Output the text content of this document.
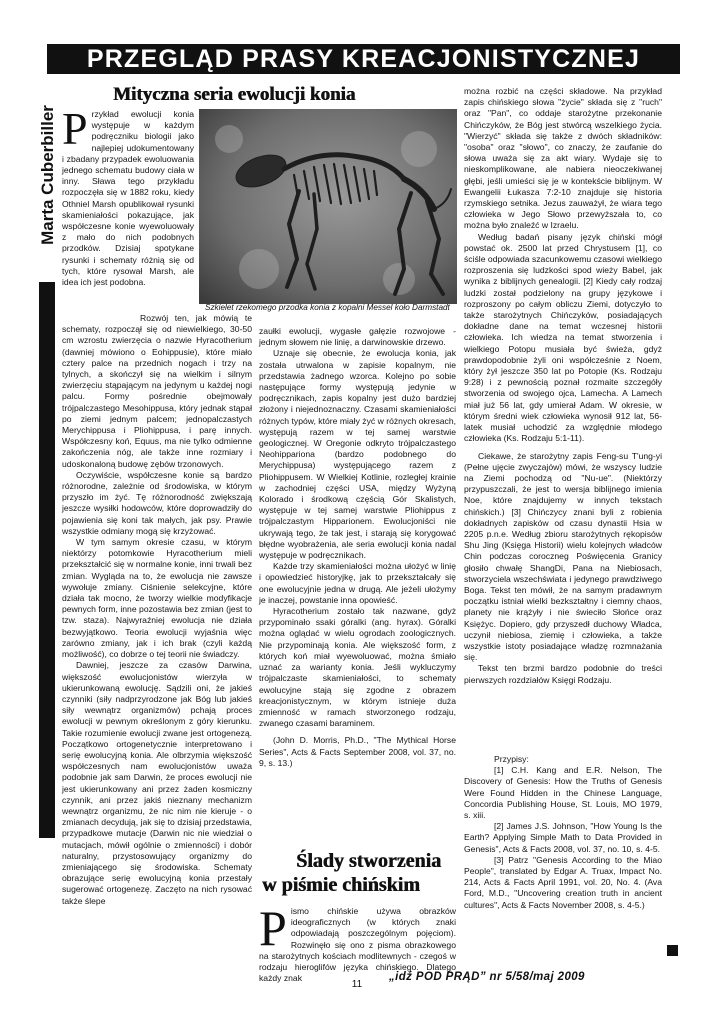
PRZEGLĄD PRASY KREACJONISTYCZNEJ
Marta Cuberbiller
Mityczna seria ewolucji konia
Szkielet rzekomego przodka konia z kopalni Messel koło Darmstadt

Przykład ewolucji konia występuje w każdym podręczniku biologii jako najlepiej udokumentowany i zbadany przypadek ewoluowania jednego schematu budowy ciała w inny. Sława tego przykładu rozpoczęła się w 1882 roku, kiedy Othniel Marsh opublikował rysunki skamieniałości pokazujące, jak współczesne konie wyewoluowały z mało do nich podobnych przodków. Dzisiaj spotykane rysunki i schematy różnią się od tych, które rysował Marsh, ale idea ich jest podobna.

Rozwój ten, jak mówią te schematy, rozpoczął się od niewielkiego, 30-50 cm wzrostu zwierzęcia o nazwie Hyracotherium (dawniej mówiono o Eohippusie), które miało cztery palce na przednich nogach i trzy na tylnych, a skończył się na wielkim i silnym zwierzęciu stąpającym na jedynym u każdej nogi palcu. Formy pośrednie obejmowały trójpalczastego Mesohippusa, który jednak stąpał po ziemi jednym palcem; jednopalczastych Merychippusa i Pliohippusa, i parę innych. Współczesny koń, Equus, ma nie tylko odmienne zakończenia nóg, ale także inne rozmiary i udoskonaloną budowę zębów trzonowych.

Oczywiście, współczesne konie są bardzo różnorodne, zależnie od środowiska, w którym przyszło im żyć. Tę różnorodność zwiększają jeszcze wysiłki hodowców, które doprowadziły do pojawienia się koni tak małych, jak psy. Prawie wszystkie odmiany mogą się krzyżować.

W tym samym okresie czasu, w którym niektórzy potomkowie Hyracotherium mieli przekształcić się w normalne konie, inni trwali bez zmian. Wygląda na to, że ewolucja nie zawsze wywołuje zmiany. Ciśnienie selekcyjne, które działa tak mocno, że tworzy wielkie modyfikacje pewnych form, inne pozostawia bez zmian (jest to tzw. staza). Najwyraźniej ewolucja nie działa bezwyjątkowo. Teoria ewolucji wyjaśnia więc zarówno zmiany, jak i ich brak (czyli każdą możliwość), co dobrze o tej teorii nie świadczy.

Dawniej, jeszcze za czasów Darwina, większość ewolucjonistów wierzyła w ukierunkowaną ewolucję. Sądzili oni, że jakieś czynniki (siły nadprzyrodzone jak Bóg lub jakieś siły wewnątrz organizmów) pchają proces ewolucji w pewnym określonym z góry kierunku. Takie rozumienie ewolucji zwane jest ortogenezą. Początkowo ortogenetycznie interpretowano i serię ewolucyjną konia. Ale olbrzymia większość współczesnych nam ewolucjonistów uważa podobnie jak sam Darwin, że proces ewolucji nie jest ukierunkowany ani przez żaden kosmiczny czynnik, ani przez jakiś nieznany mechanizm wewnątrz organizmu, że nic nim nie kieruje - o zmianach decydują, jak się to dzisiaj przedstawia, przypadkowe mutacje (Darwin nic nie wiedział o mutacjach, mówił ogólnie o zmienności) i dobór naturalny, przystosowujący organizmy do zmieniającego się środowiska. Schematy obrazujące serię ewolucyjną konia przestały sugerować ortogenezę. Zaczęto na nich rysować także ślepe

zaułki ewolucji, wygasłe gałęzie rozwojowe - jednym słowem nie linię, a darwinowskie drzewo.

Uznaje się obecnie, że ewolucja konia, jak została utrwalona w zapisie kopalnym, nie przedstawia żadnego wzorca. Kolejno po sobie następujące formy występują jedynie w podręcznikach, zapis kopalny jest dużo bardziej złożony i niejednoznaczny. Czasami skamieniałości różnych typów, które miały żyć w różnych okresach, występują razem w tej samej warstwie geologicznej. W Oregonie odkryto trójpalczastego Neohipparionа (bardzo podobnego do Merychippusa) występującego razem z Pliohippusem. W Wielkiej Kotlinie, rozległej krainie w zachodniej części USA, między Wyżyną Kolorado i środkową częścią Gór Skalistych, występuje w tej samej warstwie Pliohippus z trójpalczastym Hipparionem. Ewolucjoniści nie ukrywają tego, że tak jest, i starają się korygować błędne wyobrażenia, ale seria ewolucji konia nadal występuje w podręcznikach.

Każde trzy skamieniałości można ułożyć w linię i opowiedzieć historyjkę, jak to przekształcały się one ewolucyjnie jedna w drugą. Ale jeżeli ułożymy je inaczej, powstanie inna opowieść.

Hyracotherium zostało tak nazwane, gdyż przypominało ssaki góralki (ang. hyrax). Góralki można oglądać w wielu ogrodach zoologicznych. Nie przypominają konia. Ale większość form, z których koń miał wyewoluować, można śmiało uznać za warianty konia. Jeśli wykluczymy trójpalczaste skamieniałości, to schematy ewolucyjne stają się zgodne z obrazem kreacjonistycznym, w którym istnieje duża zmienność w ramach stworzonego rodzaju, zwanego czasami baraminem.

(John D. Morris, Ph.D., "The Mythical Horse Series", Acts & Facts September 2008, vol. 37, no. 9, s. 13.)

Ślady stworzenia
w piśmie chińskim

Pismo chińskie używa obrazków ideograficznych (w których znaki odpowiadają poszczególnym pojęciom). Rozwinęło się ono z pisma obrazkowego na starożytnych kościach modlitewnych - czegoś w rodzaju hieroglifów języka chińskiego. Dlatego każdy znak

można rozbić na części składowe. Na przykład zapis chińskiego słowa "życie" składa się z "ruch" oraz "Pan", co oddaje starożytne przekonanie Chińczyków, że Bóg jest stwórcą wszelkiego życia. "Wierzyć" składa się także z dwóch składników: "osoba" oraz "słowo", co znaczy, że zaufanie do słowa uważa się za akt wiary. Wydaje się to nieskomplikowane, ale nabiera nieoczekiwanej głębi, jeśli umieści się je w kontekście biblijnym. W Ewangelii Łukasza 7:2-10 znajduje się historia rzymskiego setnika. Jezus zauważył, że wiara tego człowieka w Jego Słowo przewyższała to, co można było znaleźć w Izraelu.

Według badań pisany język chiński mógł powstać ok. 2500 lat przed Chrystusem [1], co ściśle odpowiada szacunkowemu czasowi wielkiego rozproszenia się ludzkości spod wieży Babel, jak wynika z biblijnych genealogii. [2] Kiedy cały rodzaj ludzki został podzielony na grupy językowe i rozproszony po całym obliczu Ziemi, dotyczyło to także starożytnych Chińczyków, posiadających dokładne dane na temat wczesnej historii człowieka. Ich wiedza na temat stworzenia i wielkiego Potopu musiała być świeża, gdyż prawdopodobnie żyli oni współcześnie z Noem, który żył jeszcze 350 lat po Potopie (Ks. Rodzaju 9:28) i z pewnością poznał rozmaite szczegóły stworzenia od swojego ojca, Lamecha. A Lamech miał już 56 lat, gdy umierał Adam. W okresie, w którym średni wiek człowieka wynosił 912 lat, 56-latek musiał uchodzić za względnie młodego człowieka (Ks. Rodzaju 5:1-11).

Ciekawe, że starożytny zapis Feng-su T'ung-yi (Pełne ujęcie zwyczajów) mówi, że wszyscy ludzie na Ziemi pochodzą od "Nu-ue". (Niektórzy przypuszczali, że jest to wersja biblijnego imienia Noe, które znajdujemy w innych tekstach chińskich.) [3] Chińczycy znani byli z robienia dokładnych zapisków od czasu dynastii Hsia w 2205 p.n.e. Według zbioru starożytnych rękopisów Shu Jing (Księga Historii) wielu kolejnych władców Chin podczas coroczneg Poświęcenia Granicy głosiło chwałę ShangDi, Pana na Niebiosach, stworzyciela wszechświata i jedynego prawdziwego Boga. Tekst ten mówił, że na samym pradawnym początku istniał wielki bezkształtny i ciemny chaos, planety nie krążyły i nie świeciło Słońce oraz Księżyc. Dopiero, gdy przyszedł duchowy Władca, uczynił niebiosa, ziemię i człowieka, a także wszystkie istoty posiadające władzę rozmnażania się.

Tekst ten brzmi bardzo podobnie do treści pierwszych rozdziałów Księgi Rodzaju.

Przypisy:

[1] C.H. Kang and E.R. Nelson, The Discovery of Genesis: How the Truths of Genesis Were Found Hidden in the Chinese Language, Concordia Publishing House, St. Louis, MO 1979, s. xiii.

[2] James J.S. Johnson, "How Young Is the Earth? Applying Simple Math to Data Provided in Genesis", Acts & Facts 2008, vol. 37, no. 10, s. 4-5.

[3] Patrz "Genesis According to the Miao People", translated by Edgar A. Truax, Impact No. 214, Acts & Facts April 1991, vol. 20, No. 4. (Ava Ford, M.D., "Uncovering creation truth in ancient cultures", Acts & Facts November 2008, s. 4-5.)

11
„idź POD PRĄD” nr 5/58/maj 2009
